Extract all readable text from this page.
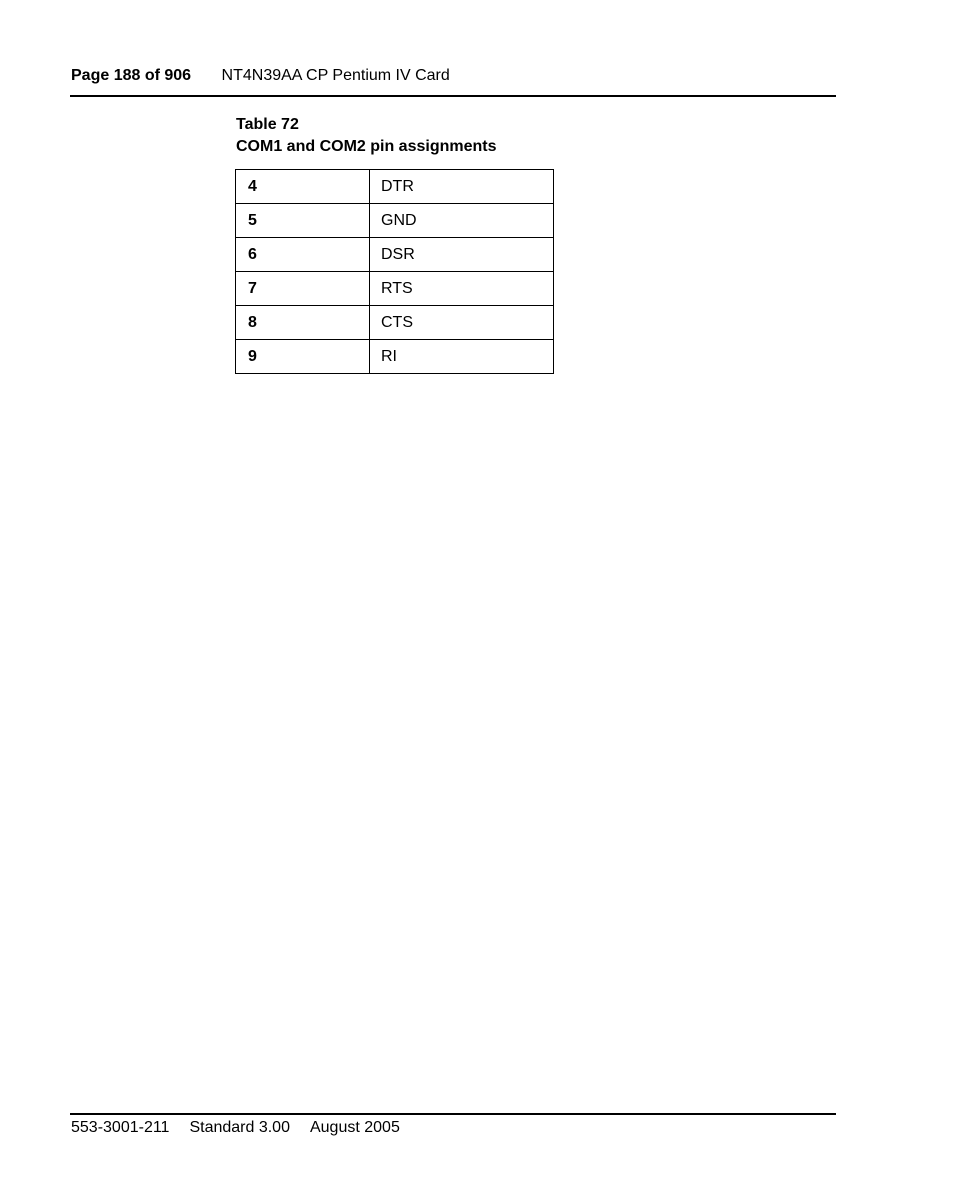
Page 188 of 906 NT4N39AA CP Pentium IV Card
Table 72
COM1 and COM2 pin assignments
4	DTR
5	GND
6	DSR
7	RTS
8	CTS
9	RI
553-3001-211 Standard 3.00 August 2005
